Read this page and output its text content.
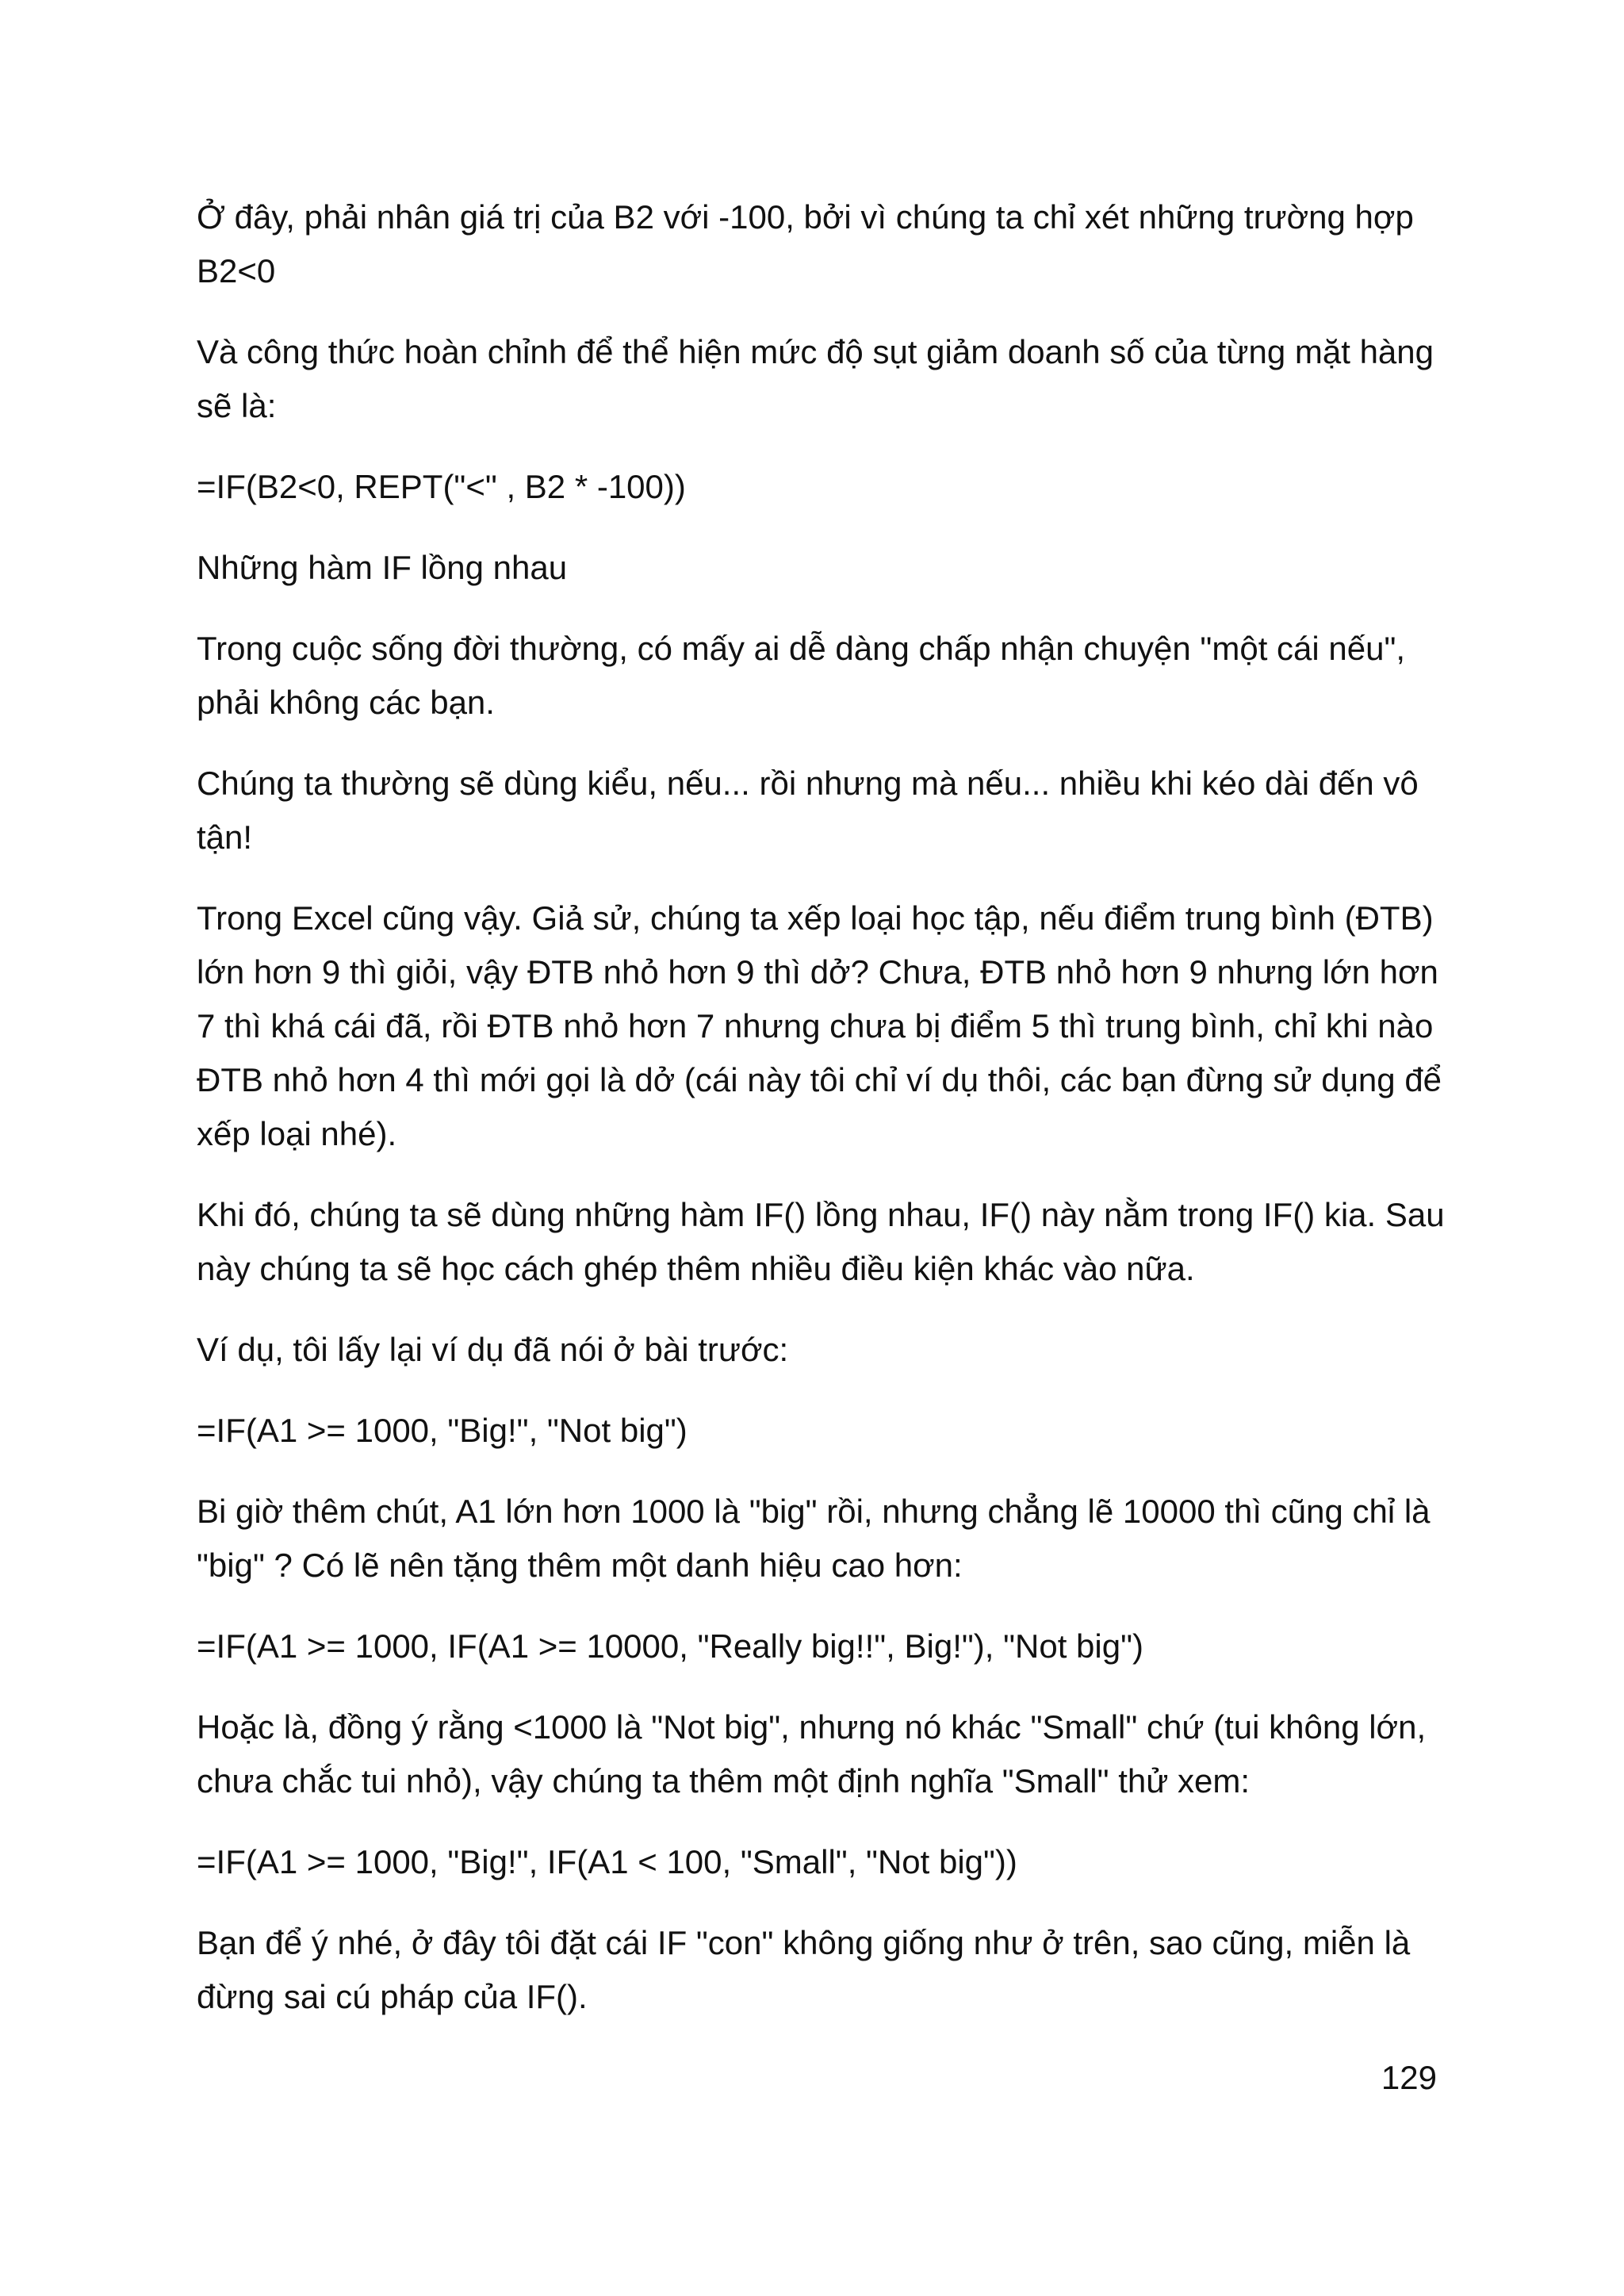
Ở đây, phải nhân giá trị của B2 với -100, bởi vì chúng ta chỉ xét những trường hợp B2<0

Và công thức hoàn chỉnh để thể hiện mức độ sụt giảm doanh số của từng mặt hàng sẽ là:

=IF(B2<0, REPT("<" , B2 * -100))

Những hàm IF lồng nhau

Trong cuộc sống đời thường, có mấy ai dễ dàng chấp nhận chuyện "một cái nếu", phải không các bạn.

Chúng ta thường sẽ dùng kiểu, nếu... rồi nhưng mà nếu... nhiều khi kéo dài đến vô tận!

Trong Excel cũng vậy. Giả sử, chúng ta xếp loại học tập, nếu điểm trung bình (ĐTB) lớn hơn 9 thì giỏi, vậy ĐTB nhỏ hơn 9 thì dở? Chưa, ĐTB nhỏ hơn 9 nhưng lớn hơn 7 thì khá cái đã, rồi ĐTB nhỏ hơn 7 nhưng chưa bị điểm 5 thì trung bình, chỉ khi nào ĐTB nhỏ hơn 4 thì mới gọi là dở (cái này tôi chỉ ví dụ thôi, các bạn đừng sử dụng để xếp loại nhé).

Khi đó, chúng ta sẽ dùng những hàm IF() lồng nhau, IF() này nằm trong IF() kia. Sau này chúng ta sẽ học cách ghép thêm nhiều điều kiện khác vào nữa.

Ví dụ, tôi lấy lại ví dụ đã nói ở bài trước:

=IF(A1 >= 1000, "Big!", "Not big")

Bi giờ thêm chút, A1 lớn hơn 1000 là "big" rồi, nhưng chẳng lẽ 10000 thì cũng chỉ là "big" ? Có lẽ nên tặng thêm một danh hiệu cao hơn:

=IF(A1 >= 1000, IF(A1 >= 10000, "Really big!!", Big!"), "Not big")

Hoặc là, đồng ý rằng <1000 là "Not big", nhưng nó khác "Small" chứ (tui không lớn, chưa chắc tui nhỏ), vậy chúng ta thêm một định nghĩa "Small" thử xem:

=IF(A1 >= 1000, "Big!", IF(A1 < 100, "Small", "Not big"))

Bạn để ý nhé, ở đây tôi đặt cái IF "con" không giống như ở trên, sao cũng, miễn là đừng sai cú pháp của IF().

129
